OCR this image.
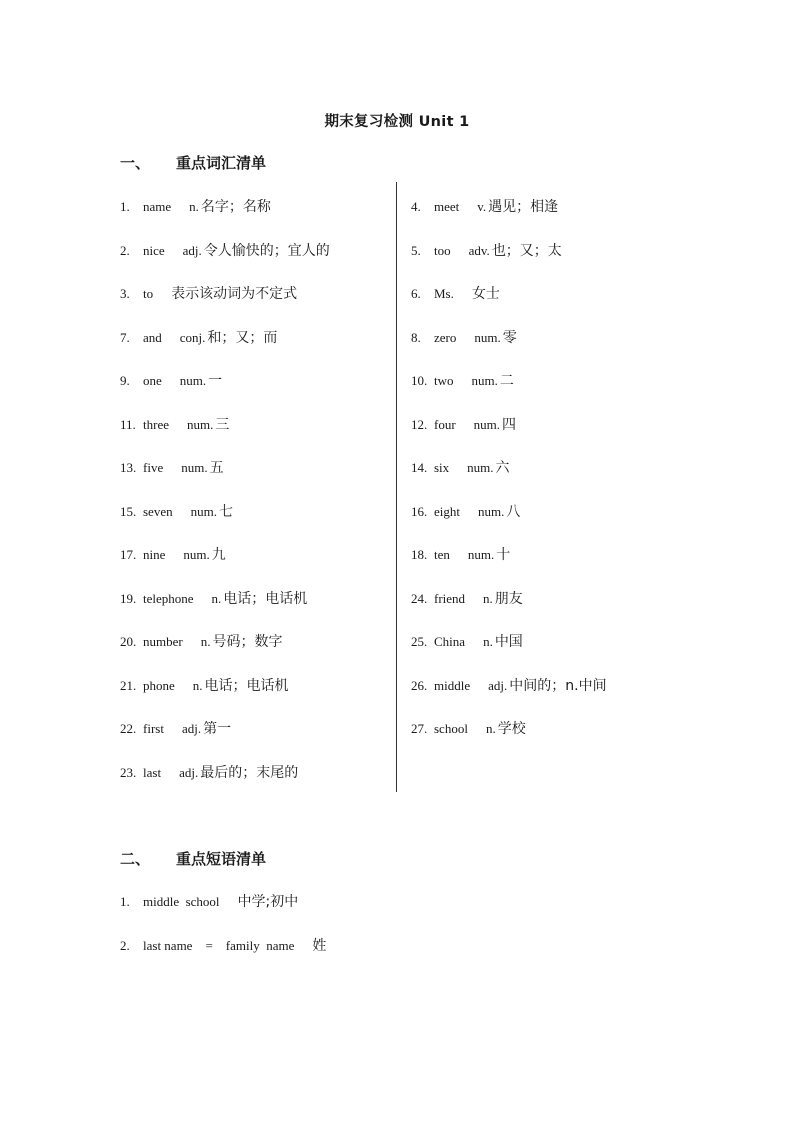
期末复习检测 Unit 1
一、 重点词汇清单
1. name n. 名字；名称
2. nice adj. 令人愉快的；宜人的
3. to 表示该动词为不定式
7. and conj. 和；又；而
9. one num. 一
11. three num. 三
13. five num. 五
15. seven num. 七
17. nine num. 九
19. telephone n. 电话；电话机
20. number n. 号码；数字
21. phone n. 电话；电话机
22. first adj. 第一
23. last adj. 最后的；末尾的
4. meet v. 遇见；相逢
5. too adv. 也；又；太
6. Ms. 女士
8. zero num. 零
10. two num. 二
12. four num. 四
14. six num. 六
16. eight num. 八
18. ten num. 十
24. friend n. 朋友
25. China n. 中国
26. middle adj. 中间的；n.中间
27. school n. 学校
二、 重点短语清单
1. middle  school 中学;初中
2. last name    =    family  name 姓
